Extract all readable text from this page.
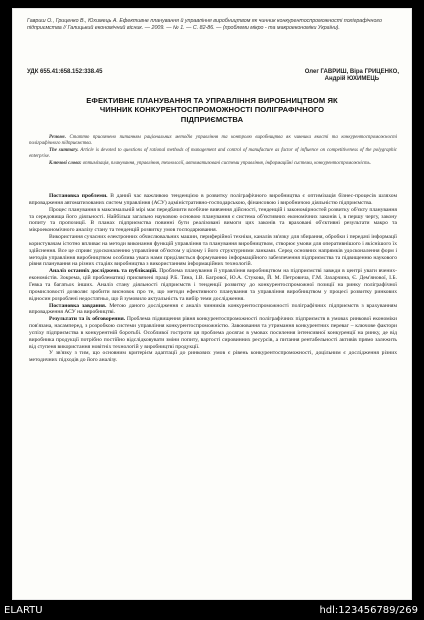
Гавриш О., Гриценко В., Юхимець А. Ефективне планування й управління виробництвом як чинник конкурентоспроможності поліграфічного підприємства // Галицький економічний вісник. — 2009. — № 1. — С. 82-86. — (проблеми мікро - та макроекономіки України).
УДК 655.41:658.152:338.45	Олег ГАВРИШ, Віра ГРИЦЕНКО,
Андрій ЮХИМЕЦЬ
ЕФЕКТИВНЕ ПЛАНУВАННЯ ТА УПРАВЛІННЯ ВИРОБНИЦТВОМ ЯК
ЧИННИК КОНКУРЕНТОСПРОМОЖНОСТІ ПОЛІГРАФІЧНОГО
ПІДПРИЄМСТВА

Резюме. Статтю присвячено питанням раціональних методів управління та контролю виробництва як чинника якості та конкурентоспроможності поліграфічного підприємства.

The summary. Article is devoted to questions of rational methods of management and control of manufacture as factor of influence on competitiveness of the polygraphic enterprise.

Ключові слова: оптимізація, планування, управління, технології, автоматизовані системи управління, інформаційні системи, конкурентоспроможність.

Постановка проблеми. В даний час важливою тенденцією в розвитку поліграфічного виробництва є оптимізація бізнес-процесів шляхом впровадження автоматизованих систем управління (АСУ) адміністративно-господарською, фінансовою і виробничою діяльністю підприємства.

Процес планування в максимальній мірі має передбачити всебічне вивчення дійсності, тенденцій і закономірностей розвитку об'єкту планування та середовища його діяльності. Найбільш загально науковою основою планування є система об'єктивних економічних законів і, в першу чергу, закону попиту та пропозиції. В планах підприємства повинні бути реалізовані вимоги цих законів та враховані об'єктивні результати макро та мікроекономічного аналізу стану та тенденцій розвитку умов господарювання.

Використання сучасних електронних обчислювальних машин, периферійної техніки, каналів зв'язку для збирання, обробки і передачі інформації користувачам істотно впливає на методи виконання функцій управління та планування виробництвом, створює умови для оперативнішого і якіснішого їх здійснення. Все це сприяє удосконаленню управління об'єктом у цілому і його структурними ланками. Серед основних напрямків удосконалення форм і методів управління виробництвом особлива увага нами приділяється формуванню інформаційного забезпечення підприємства та підвищенню наукового рівня планування на різних стадіях виробництва з використанням інформаційних технологій.

Аналіз останніх досліджень та публікацій. Проблема планування й управління виробництвом на підприємстві завжди в центрі уваги вчених-економістів. Зокрема, цій проблематиці присвячені праці Р.Б. Тяна, І.В. Багрової, Ю.А. Стукова, Й. М. Петровича, Г.М. Захарчина, Є. Дем'янової, І.Б. Гевка та багатьох інших. Аналіз стану діяльності підприємств і тенденції розвитку до конкурентоспроможної позиції на ринку поліграфічної промисловості дозволяє зробити висновок про те, що методи ефективного планування та управління виробництвом у процесі розвитку ринкових відносин розроблені недостатньо, що й зумовило актуальність та вибір теми дослідження.

Постановка завдання. Метою даного дослідження є аналіз чинників конкурентоспроможності поліграфічних підприємств з врахуванням впровадження АСУ на виробництві.

Результати та їх обговорення. Проблема підвищення рівня конкурентоспроможності поліграфічних підприємств в умовах ринкової економіки пов'язана, насамперед, з розробкою системи управління конкурентоспроможністю. Завоювання та утримання конкурентних переваг – ключове фактори успіху підприємства в конкурентній боротьбі. Особливої гостроти ця проблема досягає в умовах посилення інтенсивної конкуренції на ринку, де від виробника продукції потрібно постійно відслідковувати зміни попиту, вартості сировинних ресурсів, а питання рентабельності активів прямо залежить від ступеня використання новітніх технологій у виробництві продукції.

У зв'язку з тим, що основним критерієм адаптації до ринкових умов є рівень конкурентоспроможності, доцільним є дослідження різних методичних підходів до його аналізу.

ELARTU	hdl:123456789/269
